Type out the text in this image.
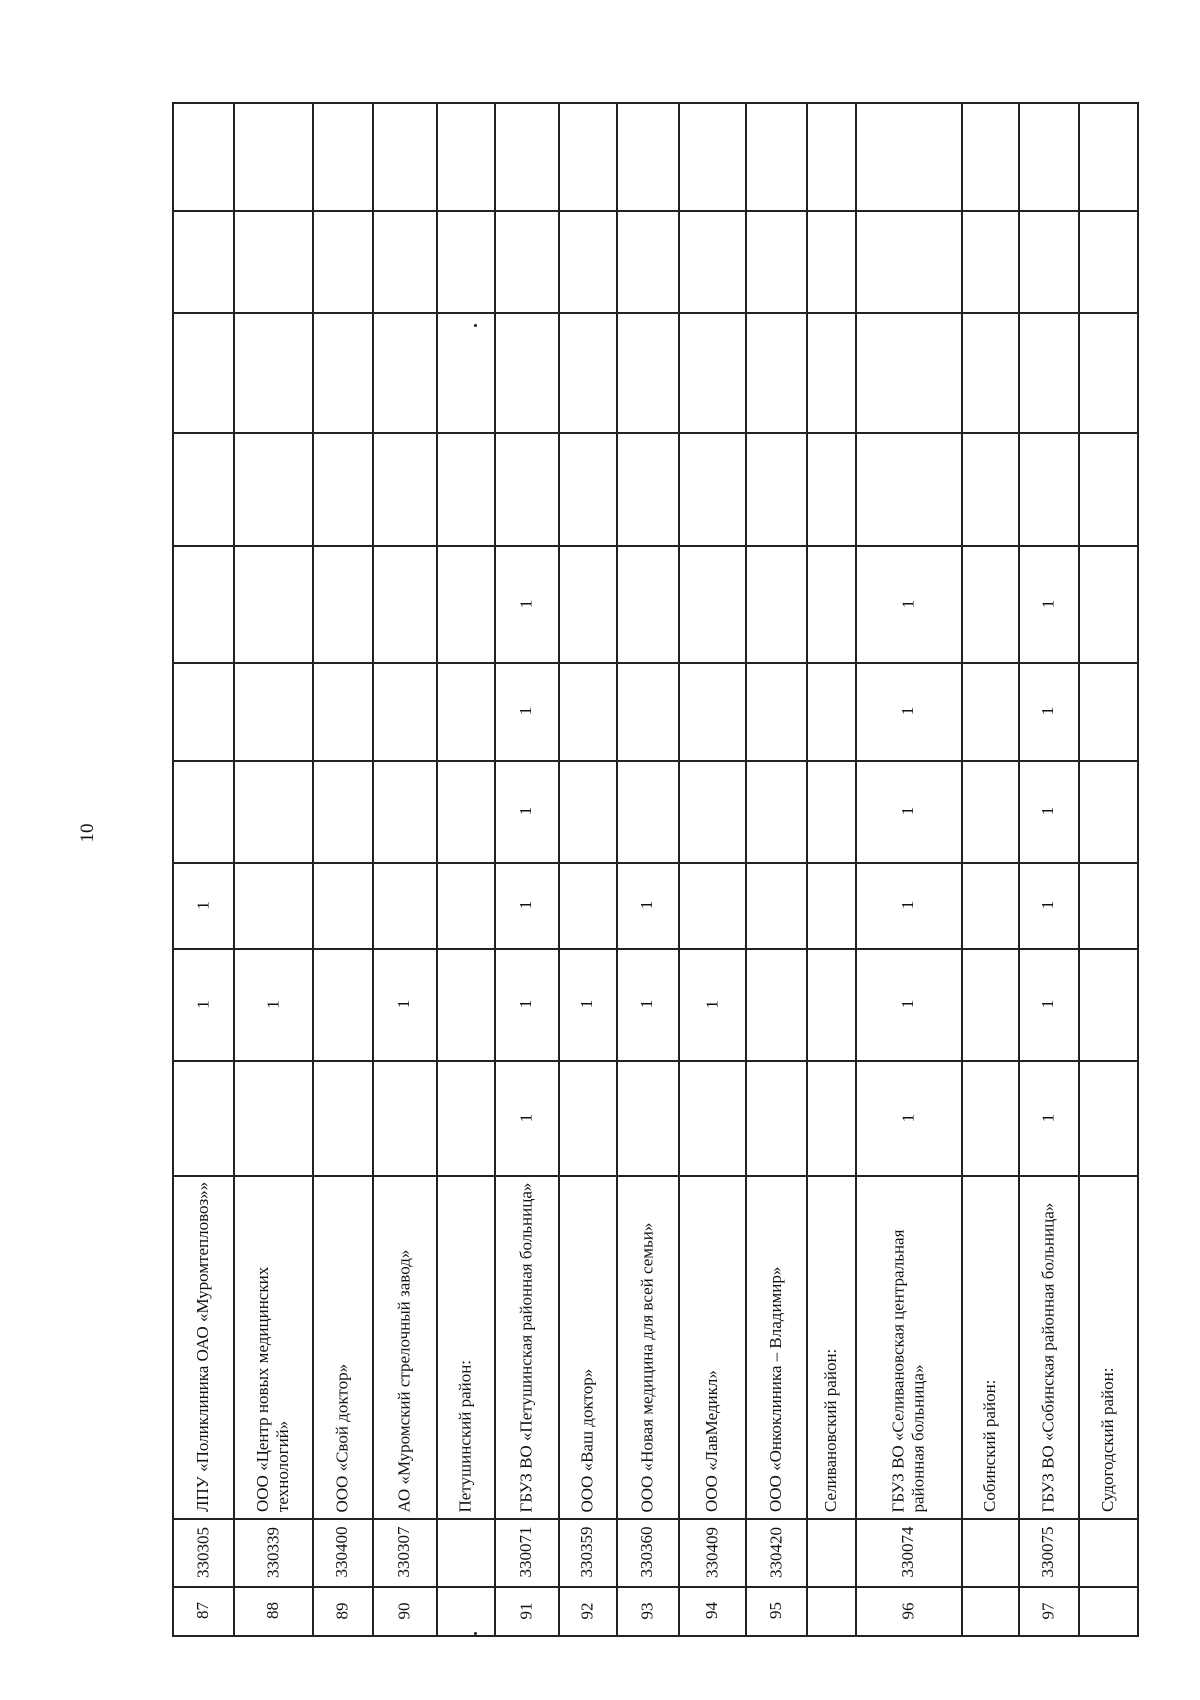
10
87
330305
ЛПУ «Поликлиника ОАО «Муромтепловоз»»
1
1
88
330339
ООО «Центр новых медицинских технологий»
1
89
330400
ООО «Свой доктор»
90
330307
АО «Муромский стрелочный завод»
1
Петушинский район:
91
330071
ГБУЗ ВО «Петушинская районная больница»
1
1
1
1
1
1
92
330359
ООО «Ваш доктор»
1
93
330360
ООО «Новая медицина для всей семьи»
1
1
94
330409
ООО «ЛавМедикл»
1
95
330420
ООО «Онкоклиника – Владимир»	Селивановский район:
96
330074
ГБУЗ ВО «Селивановская центральная районная больница»
1
1
1
1
1
1
Собинский район:
97
330075
ГБУЗ ВО «Собинская районная больница»
1
1
1
1
1
1
Судогодский район:
